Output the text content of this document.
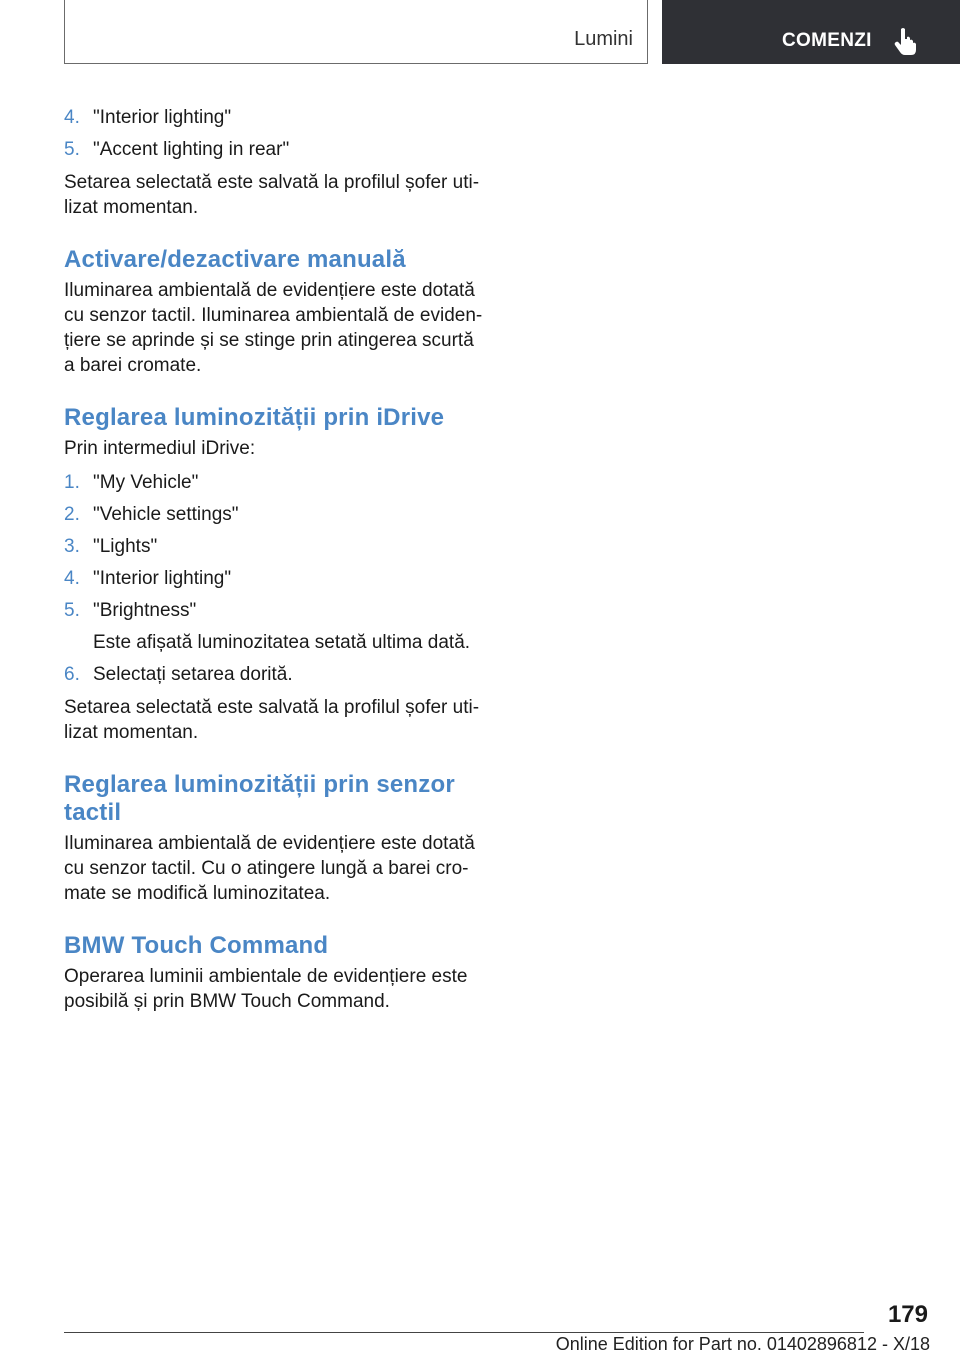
Lumini	COMENZI
4. "Interior lighting"
5. "Accent lighting in rear"

Setarea selectată este salvată la profilul șofer uti-
lizat momentan.

Activare/dezactivare manuală

Iluminarea ambientală de evidențiere este dotată
cu senzor tactil. Iluminarea ambientală de eviden-
țiere se aprinde și se stinge prin atingerea scurtă
a barei cromate.

Reglarea luminozității prin iDrive

Prin intermediul iDrive:

1. "My Vehicle"
2. "Vehicle settings"
3. "Lights"
4. "Interior lighting"
5. "Brightness"
Este afișată luminozitatea setată ultima dată.
6. Selectați setarea dorită.

Setarea selectată este salvată la profilul șofer uti-
lizat momentan.

Reglarea luminozității prin senzor
tactil

Iluminarea ambientală de evidențiere este dotată
cu senzor tactil. Cu o atingere lungă a barei cro-
mate se modifică luminozitatea.

BMW Touch Command

Operarea luminii ambientale de evidențiere este
posibilă și prin BMW Touch Command.

179
Online Edition for Part no. 01402896812 - X/18
